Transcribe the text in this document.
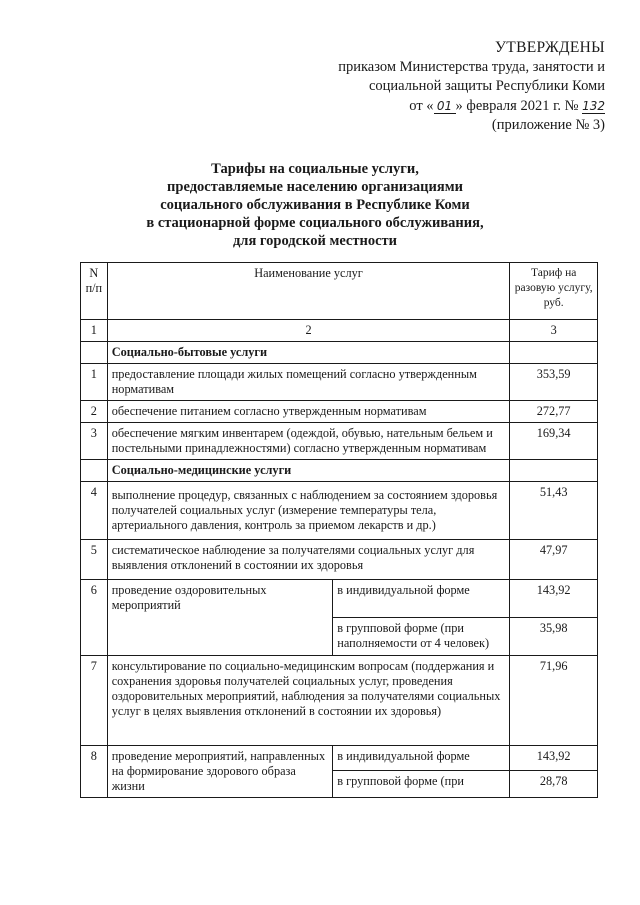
УТВЕРЖДЕНЫ
приказом Министерства труда, занятости и
социальной защиты Республики Коми
от « 01 » февраля 2021 г. № 132
(приложение № 3)
Тарифы на социальные услуги,
предоставляемые населению организациями
социального обслуживания в Республике Коми
в стационарной форме социального обслуживания,
для городской местности
N
п/п	Наименование услуг		Тариф на разовую услугу, руб.
1	2		3
	Социально-бытовые услуги		
1	предоставление площади жилых помещений согласно утвержденным нормативам		353,59
2	обеспечение питанием согласно утвержденным нормативам		272,77
3	обеспечение мягким инвентарем (одеждой, обувью, нательным бельем и постельными принадлежностями) согласно утвержденным нормативам		169,34
	Социально-медицинские услуги		
4	выполнение процедур, связанных с наблюдением за состоянием здоровья получателей социальных услуг (измерение температуры тела, артериального давления, контроль за приемом лекарств и др.)		51,43
5	систематическое наблюдение за получателями социальных услуг для выявления отклонений в состоянии их здоровья		47,97
6	проведение оздоровительных мероприятий	в индивидуальной форме	143,92
		в групповой форме (при наполняемости от 4 человек)	35,98
7	консультирование по социально-медицинским вопросам (поддержания и сохранения здоровья получателей социальных услуг, проведения оздоровительных мероприятий, наблюдения за получателями социальных услуг в целях выявления отклонений в состоянии их здоровья)		71,96
8	проведение мероприятий, направленных на формирование здорового образа жизни	в индивидуальной форме	143,92
		в групповой форме (при	28,78
